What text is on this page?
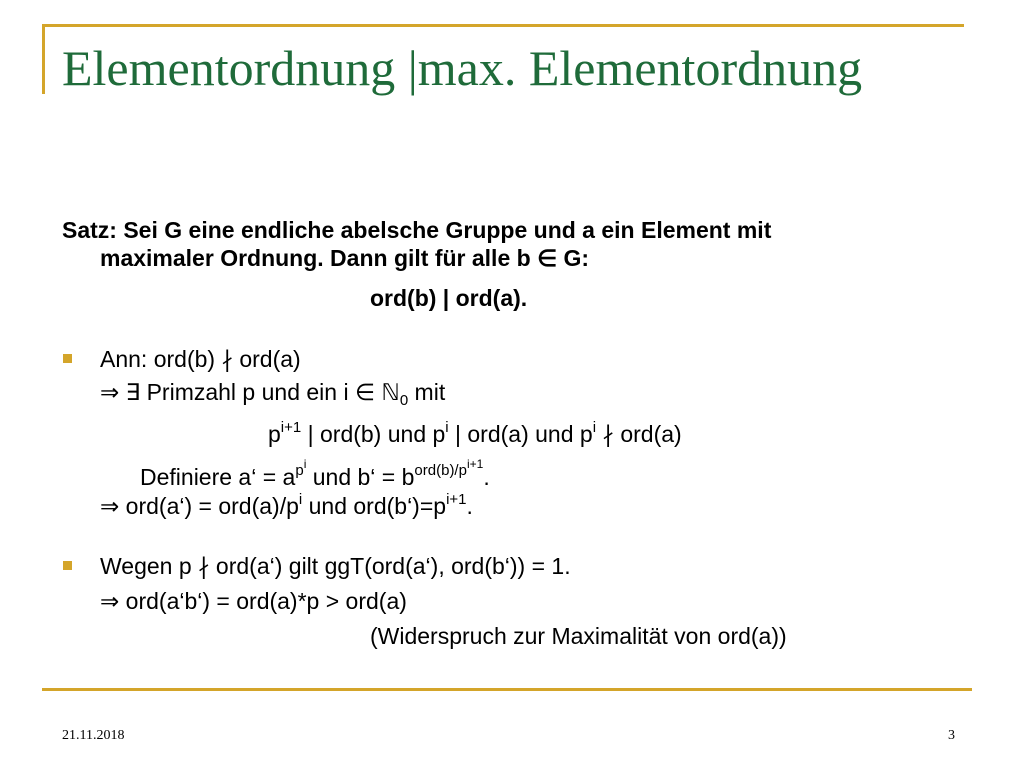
Elementordnung |max. Elementordnung
Satz: Sei G eine endliche abelsche Gruppe und a ein Element mit
maximaler Ordnung. Dann gilt für alle b ∈ G:
ord(b) | ord(a).
Ann: ord(b) ∤ ord(a)
⇒ ∃ Primzahl p und ein i ∈ ℕ$_0$ mit
$p^{i+1}$ | ord(b) und $p^i$ | ord(a) und $p^i$ ∤ ord(a)
Definiere a‘ = $a^{p^i}$ und b‘ = $b^{ord(b)/p^{i+1}}$.
⇒ ord(a‘) = $ord(a)/p^i$ und $ord(b‘)=p^{i+1}$.
Wegen p ∤ ord(a‘) gilt ggT(ord(a‘), ord(b‘)) = 1.
⇒ ord(a‘b‘) = ord(a)*p > ord(a)
(Widerspruch zur Maximalität von ord(a))
21.11.2018	3
